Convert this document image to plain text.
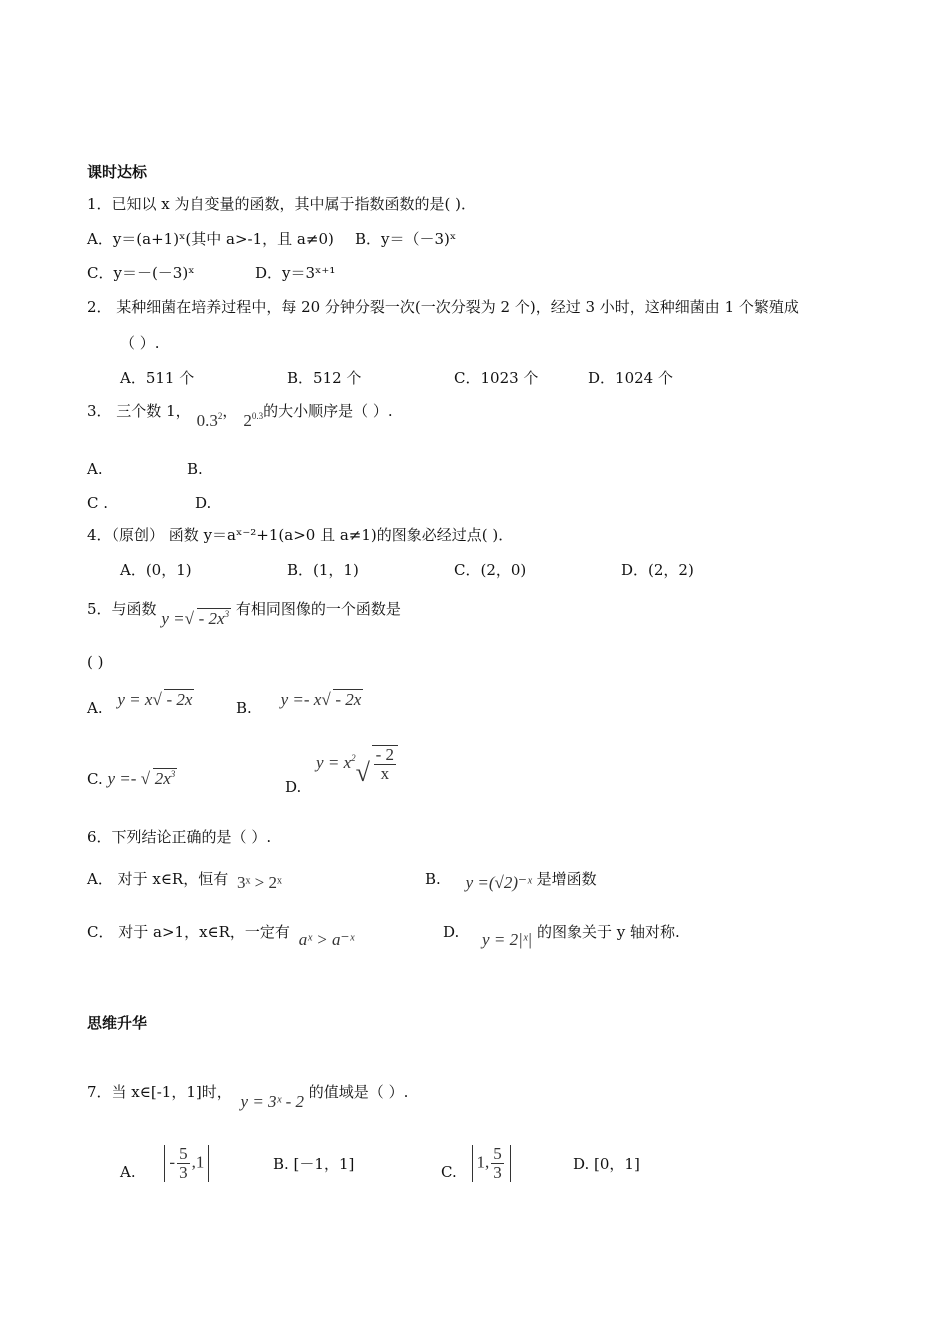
课时达标
1．已知以 x 为自变量的函数，其中属于指数函数的是( )．
A．y＝(a+1)ˣ(其中 a>-1，且 a≠0) B．y＝（－3)ˣ
C．y＝－(－3)ˣ	D．y＝3ˣ⁺¹
2． 某种细菌在培养过程中，每 20 分钟分裂一次(一次分裂为 2 个)，经过 3 小时，这种细菌由 1 个繁殖成
（ ）.
A．511 个	B．512 个	C．1023 个	D．1024 个
3． 三个数 1， $0.3^2$， $2^{0.3}$的大小顺序是（ ）.
A.	B.
C .	D.
4．（原创） 函数 y＝aˣ⁻²+1(a>0 且 a≠1)的图象必经过点( )．
A．(0，1)	B．(1，1)	C．(2，0)	D．(2，2)
5．与函数 y = √ - $2x^3$ 有相同图像的一个函数是
( )
A. y = x √ - 2x	B. y =- x √ - 2x
C. y =- √ $2x^3$
D. $y = x^2$
√ $\frac{- 2}{x}$
6．下列结论正确的是（ ）.
A． 对于 x∈R，恒有 3ˣ > 2ˣ	B. y =(√2)⁻ˣ 是增函数
C． 对于 a>1，x∈R，一定有 aˣ > a⁻ˣ	D. y = 2|ˣ| 的图象关于 y 轴对称.
思维升华
7．当 x∈[-1，1]时， y = 3ˣ - 2 的值域是（ ）.
A. - $\frac{5}{3} ,1$	B. [－1，1]	C. 1, $\frac{5}{3}$	D. [0，1]
